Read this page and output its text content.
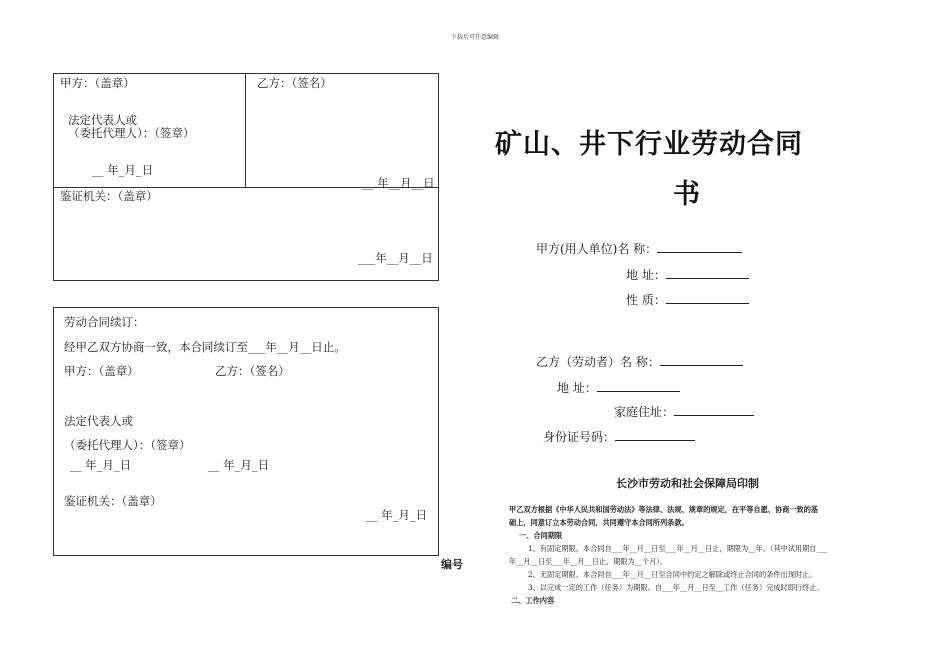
下载后可任意编辑
甲方：（盖章）	乙方：（签名）
法定代表人或
（委托代理人）：（签章）
__ 年_月_日
__ 年__月__日
鉴证机关：（盖章）
___年__月__日
劳动合同续订：
经甲乙双方协商一致，本合同续订至___年__月__日止。
甲方：（盖章）	乙方：（签名）
法定代表人或
（委托代理人）：（签章）
__ 年_月_日	__ 年_月_日
鉴证机关：（盖章）
__ 年_月_日
编号
矿山、井下行业劳动合同
书
甲方(用人单位)名 称：
地 址：
性 质：
乙方（劳动者）名 称：
地 址：
家庭住址：
身份证号码：
长沙市劳动和社会保障局印制
甲乙双方根据《中华人民共和国劳动法》等法律、法规、规章的规定，在平等自愿、协商一致的基
础上，同意订立本劳动合同，共同遵守本合同所列条款。
一、合同期限
1、有固定期限。本合同自___年__月__日至___年__月__日止，期限为__年。（其中试用期自___
年__月__日至___年__月__日止，期限为__个月）。
2、无固定期限。本合同自___年__月__日至合同中约定之解除或终止合同的条件出现时止。
3、以完成一定的工作（任务）为期限。自___年__月__日至__工作（任务）完成时即行终止。
二、工作内容
